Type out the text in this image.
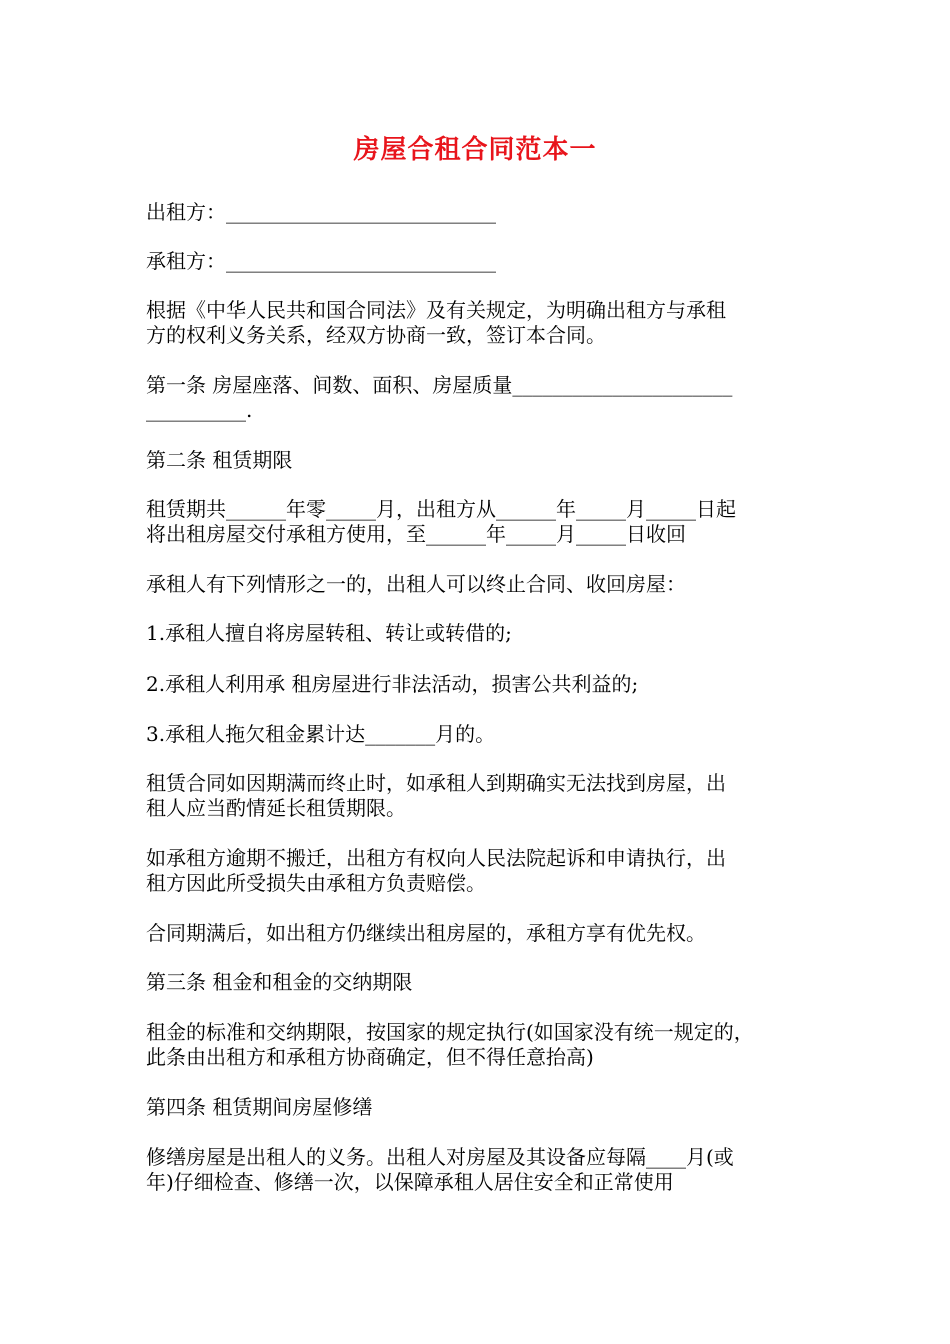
房屋合租合同范本一
出租方：___________________________
承租方：___________________________
根据《中华人民共和国合同法》及有关规定，为明确出租方与承租
方的权利义务关系，经双方协商一致，签订本合同。
第一条 房屋座落、间数、面积、房屋质量______________________
__________.
第二条 租赁期限
租赁期共______年零_____月，出租方从______年_____月_____日起
将出租房屋交付承租方使用，至______年_____月_____日收回
承租人有下列情形之一的，出租人可以终止合同、收回房屋：
1.承租人擅自将房屋转租、转让或转借的;
2.承租人利用承 租房屋进行非法活动，损害公共利益的;
3.承租人拖欠租金累计达_______月的。
租赁合同如因期满而终止时，如承租人到期确实无法找到房屋，出
租人应当酌情延长租赁期限。
如承租方逾期不搬迁，出租方有权向人民法院起诉和申请执行，出
租方因此所受损失由承租方负责赔偿。
合同期满后，如出租方仍继续出租房屋的，承租方享有优先权。
第三条 租金和租金的交纳期限
租金的标准和交纳期限，按国家的规定执行(如国家没有统一规定的，
此条由出租方和承租方协商确定，但不得任意抬高)
第四条 租赁期间房屋修缮
修缮房屋是出租人的义务。出租人对房屋及其设备应每隔____月(或
年)仔细检查、修缮一次，以保障承租人居住安全和正常使用
